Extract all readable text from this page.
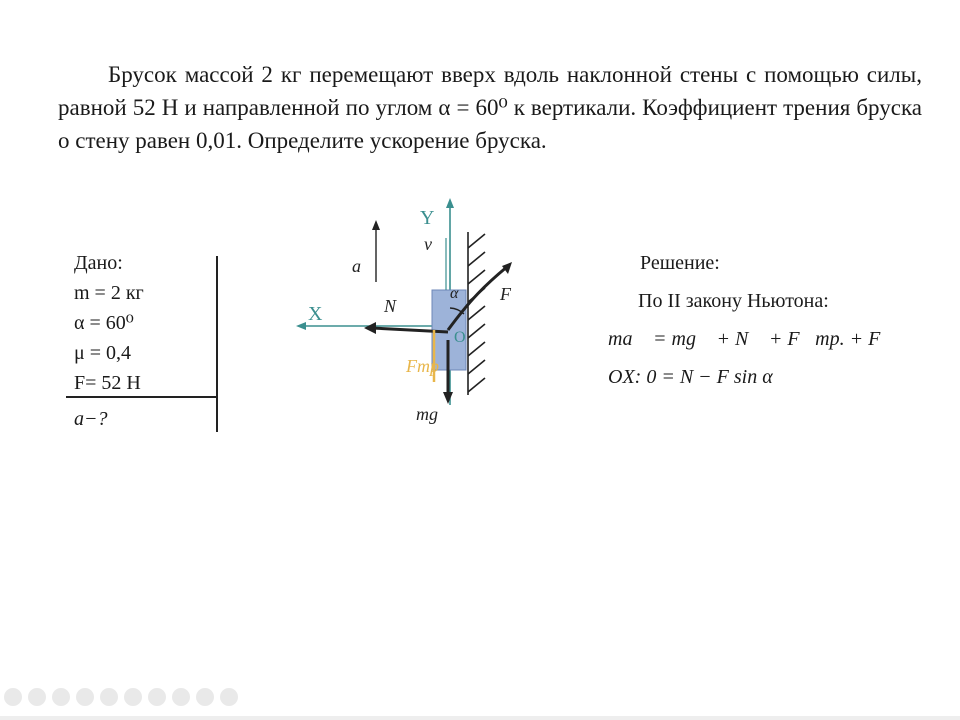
Брусок массой 2 кг перемещают вверх вдоль наклонной стены с помощью силы, равной 52 Н и направленной по углом α = 60⁰ к вертикали. Коэффициент трения бруска о стену равен 0,01. Определите ускорение бруска.
Дано:
m = 2 кг
α = 60⁰
μ = 0,4
F= 52 Н
a−?
Y
X
v⃗
a⃗
N⃗
F⃗
α
O
Fтр
mg⃗
Решение:
По II закону Ньютона:
ma⃗ = mg⃗ + N⃗ + F⃗тр. + F⃗
OX: 0 = N − F sin α
